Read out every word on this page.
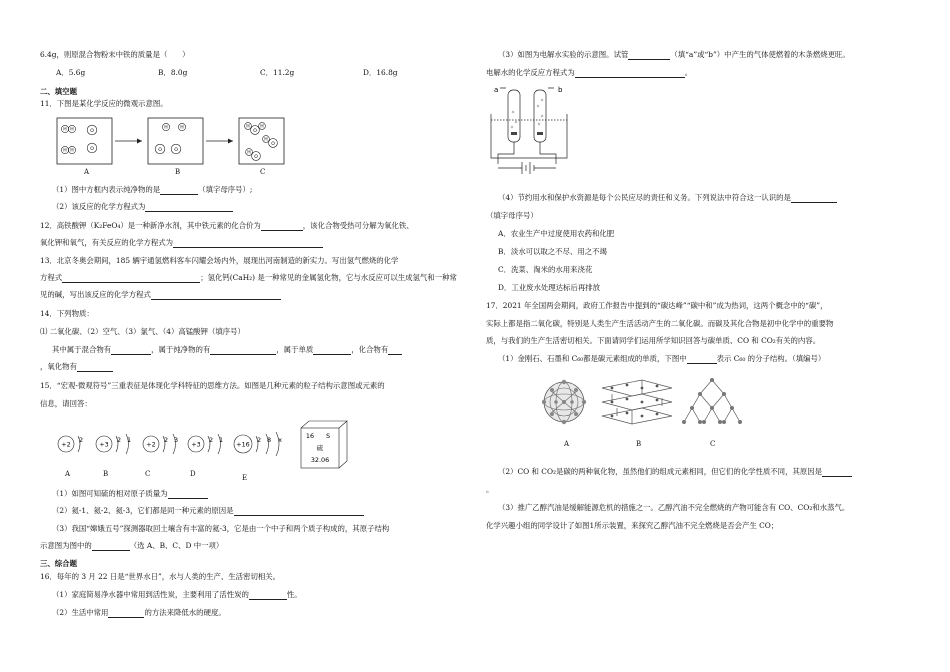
6.4g，则原混合物粉末中铁的质量是（　　）
A．5.6g	B．8.0g	C．11.2g	D．16.8g
二、填空题
11．下图是某化学反应的微观示意图。
H H
H H
O
O
H	H
O	O
H
O
H
H
O
H
O
A	B	C
（1）图中方框内表示纯净物的是	（填字母序号）;
（2）该反应的化学方程式为
12．高铁酸钾（K₂FeO₄）是一种新净水剂，其中铁元素的化合价为	，该化合物受热可分解为氧化铁、
氧化钾和氧气，有关反应的化学方程式为
13．北京冬奥会期间，185 辆宇通氢燃料客车闪耀会场内外，展现出河南制造的新实力。写出氢气燃烧的化学
方程式	；氢化钙(CaH₂) 是一种常见的金属氢化物，它与水反应可以生成氢气和一种常
见的碱，写出该反应的化学方程式
14．下列物质：
⑴ 二氧化碳、（2）空气、（3）氯气、（4）高锰酸钾（填序号）
其中属于混合物有	，属于纯净物的有	，属于单质	，化合物有
，氧化物有
15．“宏观-微观符号”三重表征是体现化学科特征的思维方法。如图是几种元素的粒子结构示意图或元素的
信息，请回答：
+2
2
+3
2 1
+2
2 3
+3
2 1
+16
2 8 x	16 S
硫
32.06
A	B	C	D	E
（1）如图可知硫的相对原子质量为
（2）氦-1、氦-2、氦-3，它们都是同一种元素的原因是
（3）我国“嫦娥五号”探测器取回土壤含有丰富的氦-3，它是由一个中子和两个质子构成的，其原子结构
示意图为图中的	（选 A、B、C、D 中一项）
三、综合题
16．每年的 3 月 22 日是“世界水日”，水与人类的生产、生活密切相关。
（1）家庭简易净水器中常用到活性炭，主要利用了活性炭的	性。
（2）生活中常用	的方法来降低水的硬度。
（3）如图为电解水实验的示意图。试管	（填“a”或“b”）中产生的气体使燃着的木条燃烧更旺。
电解水的化学反应方程式为	。
a	b
（4）节约用水和保护水资源是每个公民应尽的责任和义务。下列说法中符合这一认识的是
（填字母序号）
A．农业生产中过度使用农药和化肥
B．淡水可以取之不尽、用之不竭
C．洗菜、淘米的水用来浇花
D．工业废水处理达标后再排放
17．2021 年全国两会期间，政府工作报告中提到的“碳达峰”“碳中和”成为热词，这两个概念中的“碳”，
实际上都是指二氧化碳，特别是人类生产生活活动产生的二氧化碳。而碳及其化合物是初中化学中的重要物
质，与我们的生产生活密切相关。下面请同学们运用所学知识回答与碳单质、CO 和 CO₂有关的内容。
（1）金刚石、石墨和 C₆₀都是碳元素组成的单质，下图中	表示 C₆₀ 的分子结构。（填编号）
A	B	C
（2）CO 和 CO₂是碳的两种氧化物，虽然他们的组成元素相同，但它们的化学性质不同，其原因是
。
（3）推广乙醇汽油是缓解能源危机的措施之一。乙醇汽油不完全燃烧的产物可能含有 CO、CO₂和水蒸气。
化学兴趣小组的同学设计了如图1所示装置，来探究乙醇汽油不完全燃烧是否会产生 CO；
